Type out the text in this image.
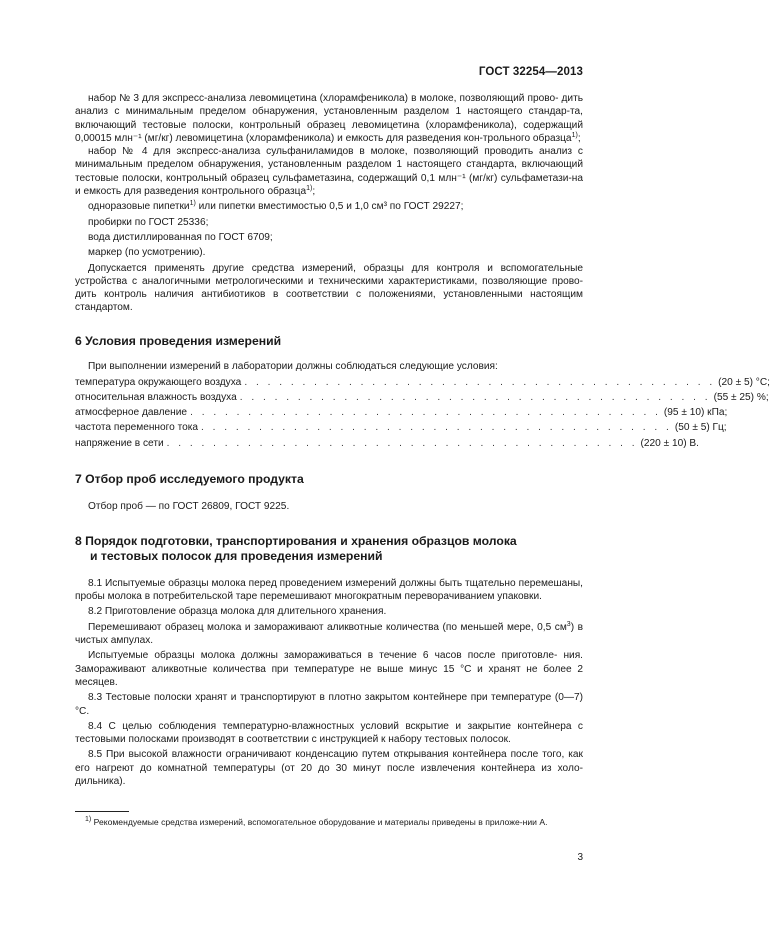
ГОСТ 32254—2013

набор № 3 для экспресс-анализа левомицетина (хлорамфеникола) в молоке, позволяющий прово- дить анализ с минимальным пределом обнаружения, установленным разделом 1 настоящего стандар-та, включающий тестовые полоски, контрольный образец левомицетина (хлорамфеникола), содержащий 0,00015 млн⁻¹ (мг/кг) левомицетина (хлорамфеникола) и емкость для разведения кон-трольного образца$^{1)}$;

набор № 4 для экспресс-анализа сульфаниламидов в молоке, позволяющий проводить анализ с минимальным пределом обнаружения, установленным разделом 1 настоящего стандарта, включающий тестовые полоски, контрольный образец сульфаметазина, содержащий 0,1 млн⁻¹ (мг/кг) сульфаметази-на и емкость для разведения контрольного образца$^{1)}$;

одноразовые пипетки$^{1)}$ или пипетки вместимостью 0,5 и 1,0 см³ по ГОСТ 29227;

пробирки по ГОСТ 25336;

вода дистиллированная по ГОСТ 6709;

маркер (по усмотрению).

Допускается применять другие средства измерений, образцы для контроля и вспомогательные устройства с аналогичными метрологическими и техническими характеристиками, позволяющие прово-дить контроль наличия антибиотиков в соответствии с положениями, установленными настоящим стандартом.

6 Условия проведения измерений

При выполнении измерений в лаборатории должны соблюдаться следующие условия:

температура окружающего воздуха . . . . . . . . . . . . . . . . . . . . . . . . . . . . . . . . . . . . . . . . . (20 ± 5) °С;
относительная влажность воздуха . . . . . . . . . . . . . . . . . . . . . . . . . . . . . . . . . . . . . . . . . (55 ± 25) %;
атмосферное давление . . . . . . . . . . . . . . . . . . . . . . . . . . . . . . . . . . . . . . . . . (95 ± 10) кПа;
частота переменного тока . . . . . . . . . . . . . . . . . . . . . . . . . . . . . . . . . . . . . . . . . (50 ± 5) Гц;
напряжение в сети . . . . . . . . . . . . . . . . . . . . . . . . . . . . . . . . . . . . . . . . . (220 ± 10) В.
7 Отбор проб исследуемого продукта

Отбор проб — по ГОСТ 26809, ГОСТ 9225.

8 Порядок подготовки, транспортирования и хранения образцов молока
и тестовых полосок для проведения измерений

8.1 Испытуемые образцы молока перед проведением измерений должны быть тщательно перемешаны, пробы молока в потребительской таре перемешивают многократным переворачиванием упаковки.

8.2 Приготовление образца молока для длительного хранения.

Перемешивают образец молока и замораживают аликвотные количества (по меньшей мере, 0,5 $см^3$) в чистых ампулах.

Испытуемые образцы молока должны замораживаться в течение 6 часов после приготовле- ния. Замораживают аликвотные количества при температуре не выше минус 15 °С и хранят не более 2 месяцев.

8.3 Тестовые полоски хранят и транспортируют в плотно закрытом контейнере при температуре (0—7) °С.

8.4 С целью соблюдения температурно-влажностных условий вскрытие и закрытие контейнера с тестовыми полосками производят в соответствии с инструкцией к набору тестовых полосок.

8.5 При высокой влажности ограничивают конденсацию путем открывания контейнера после того, как его нагреют до комнатной температуры (от 20 до 30 минут после извлечения контейнера из холо-дильника).

$^{1)}$ Рекомендуемые средства измерений, вспомогательное оборудование и материалы приведены в приложе-нии А.
3
